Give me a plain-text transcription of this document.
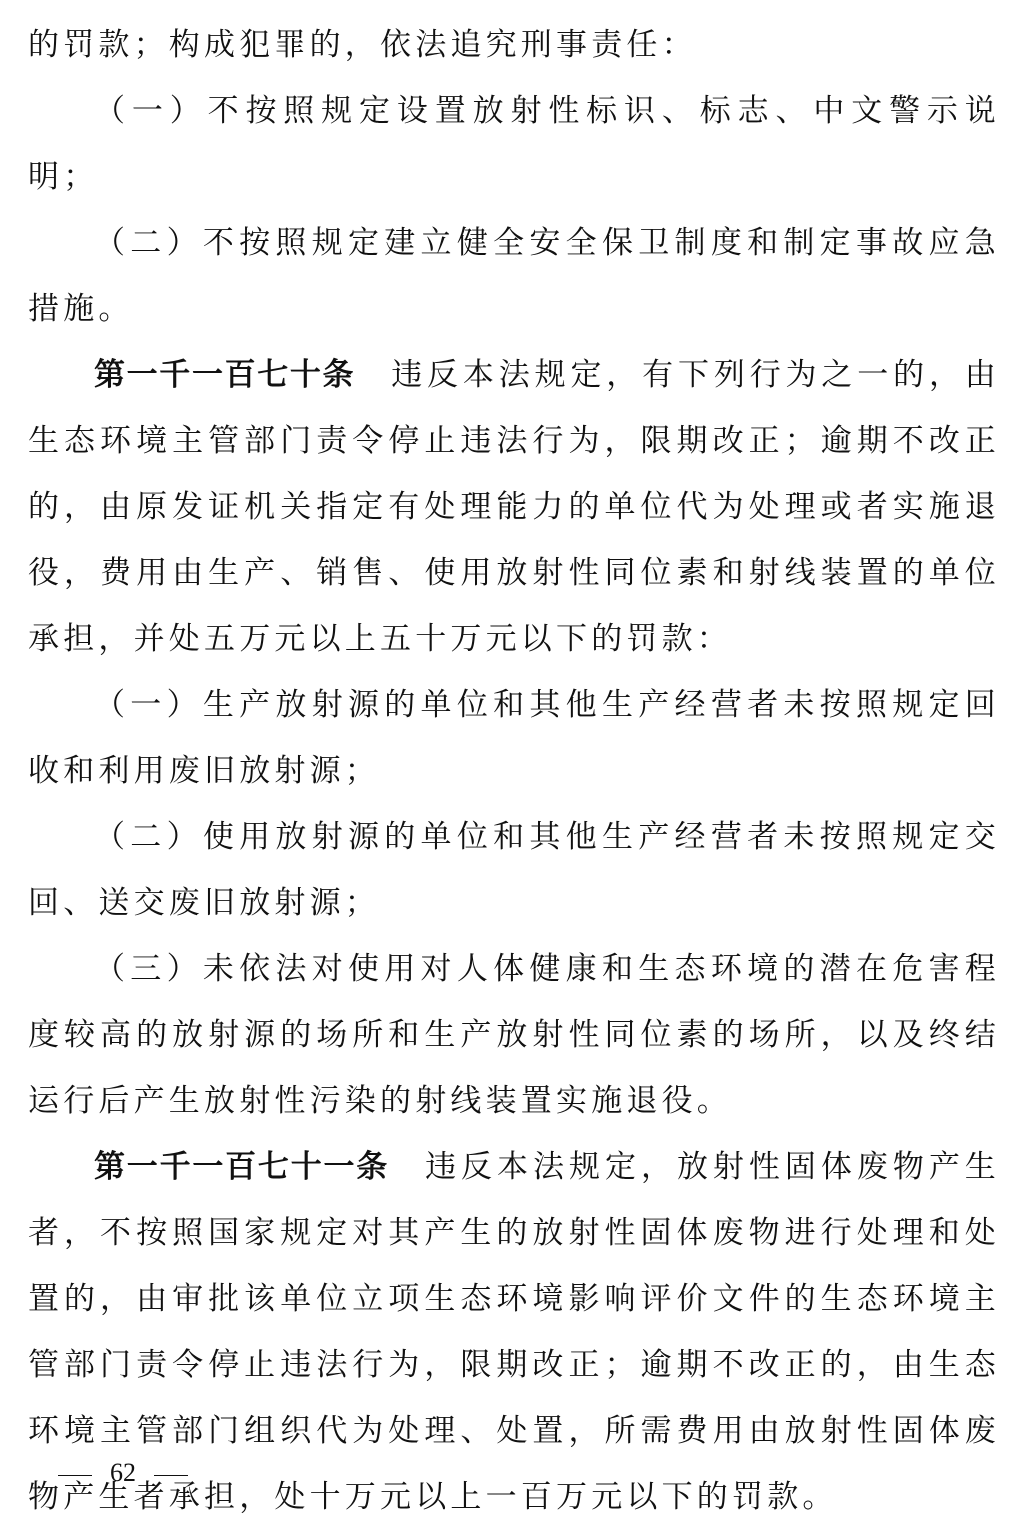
的罚款；构成犯罪的，依法追究刑事责任：

（一）不按照规定设置放射性标识、标志、中文警示说明；

（二）不按照规定建立健全安全保卫制度和制定事故应急措施。

第一千一百七十条 违反本法规定，有下列行为之一的，由生态环境主管部门责令停止违法行为，限期改正；逾期不改正的，由原发证机关指定有处理能力的单位代为处理或者实施退役，费用由生产、销售、使用放射性同位素和射线装置的单位承担，并处五万元以上五十万元以下的罚款：

（一）生产放射源的单位和其他生产经营者未按照规定回收和利用废旧放射源；

（二）使用放射源的单位和其他生产经营者未按照规定交回、送交废旧放射源；

（三）未依法对使用对人体健康和生态环境的潜在危害程度较高的放射源的场所和生产放射性同位素的场所，以及终结运行后产生放射性污染的射线装置实施退役。

第一千一百七十一条 违反本法规定，放射性固体废物产生者，不按照国家规定对其产生的放射性固体废物进行处理和处置的，由审批该单位立项生态环境影响评价文件的生态环境主管部门责令停止违法行为，限期改正；逾期不改正的，由生态环境主管部门组织代为处理、处置，所需费用由放射性固体废物产生者承担，处十万元以上一百万元以下的罚款。

62
